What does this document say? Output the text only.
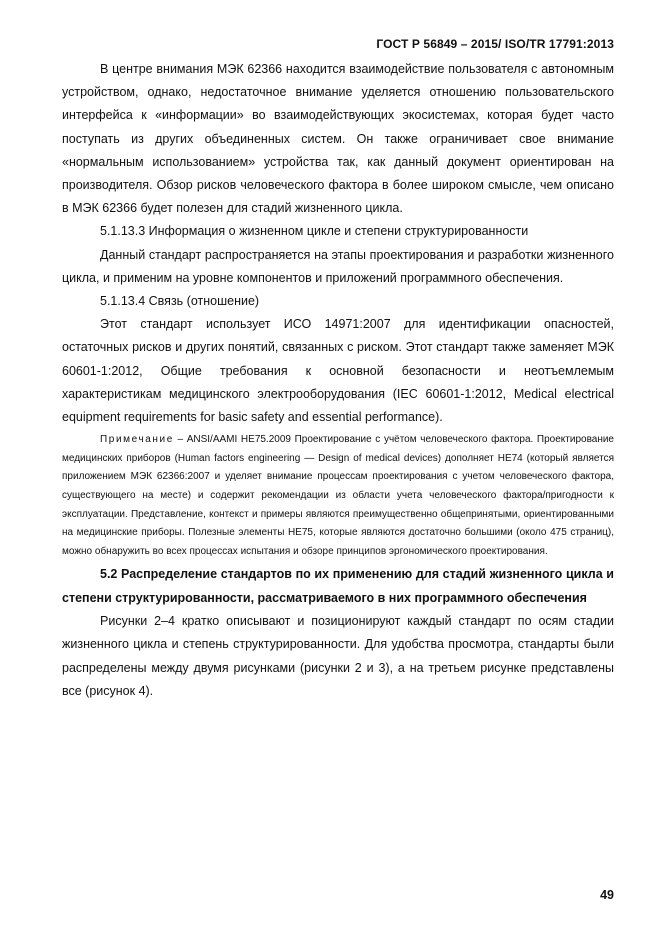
ГОСТ Р 56849 – 2015/ ISO/TR 17791:2013

В центре внимания МЭК 62366 находится взаимодействие пользователя с автономным устройством, однако, недостаточное внимание уделяется отношению пользовательского интерфейса к «информации» во взаимодействующих экосистемах, которая будет часто поступать из других объединенных систем. Он также ограничивает свое внимание «нормальным использованием» устройства так, как данный документ ориентирован на производителя. Обзор рисков человеческого фактора в более широком смысле, чем описано в МЭК 62366 будет полезен для стадий жизненного цикла.

5.1.13.3 Информация о жизненном цикле и степени структурированности

Данный стандарт распространяется на этапы проектирования и разработки жизненного цикла, и применим на уровне компонентов и приложений программного обеспечения.

5.1.13.4 Связь (отношение)

Этот стандарт использует ИСО 14971:2007 для идентификации опасностей, остаточных рисков и других понятий, связанных с риском. Этот стандарт также заменяет МЭК 60601-1:2012, Общие требования к основной безопасности и неотъемлемым характеристикам медицинского электрооборудования (IEC 60601-1:2012, Medical electrical equipment requirements for basic safety and essential performance).

Примечание – ANSI/AAMI HE75.2009 Проектирование с учётом человеческого фактора. Проектирование медицинских приборов (Human factors engineering — Design of medical devices) дополняет HE74 (который является приложением МЭК 62366:2007 и уделяет внимание процессам проектирования с учетом человеческого фактора, существующего на месте) и содержит рекомендации из области учета человеческого фактора/пригодности к эксплуатации. Представление, контекст и примеры являются преимущественно общепринятыми, ориентированными на медицинские приборы. Полезные элементы HE75, которые являются достаточно большими (около 475 страниц), можно обнаружить во всех процессах испытания и обзоре принципов эргономического проектирования.

5.2 Распределение стандартов по их применению для стадий жизненного цикла и степени структурированности, рассматриваемого в них программного обеспечения

Рисунки 2–4 кратко описывают и позиционируют каждый стандарт по осям стадии жизненного цикла и степень структурированности. Для удобства просмотра, стандарты были распределены между двумя рисунками (рисунки 2 и 3), а на третьем рисунке представлены все (рисунок 4).

49
